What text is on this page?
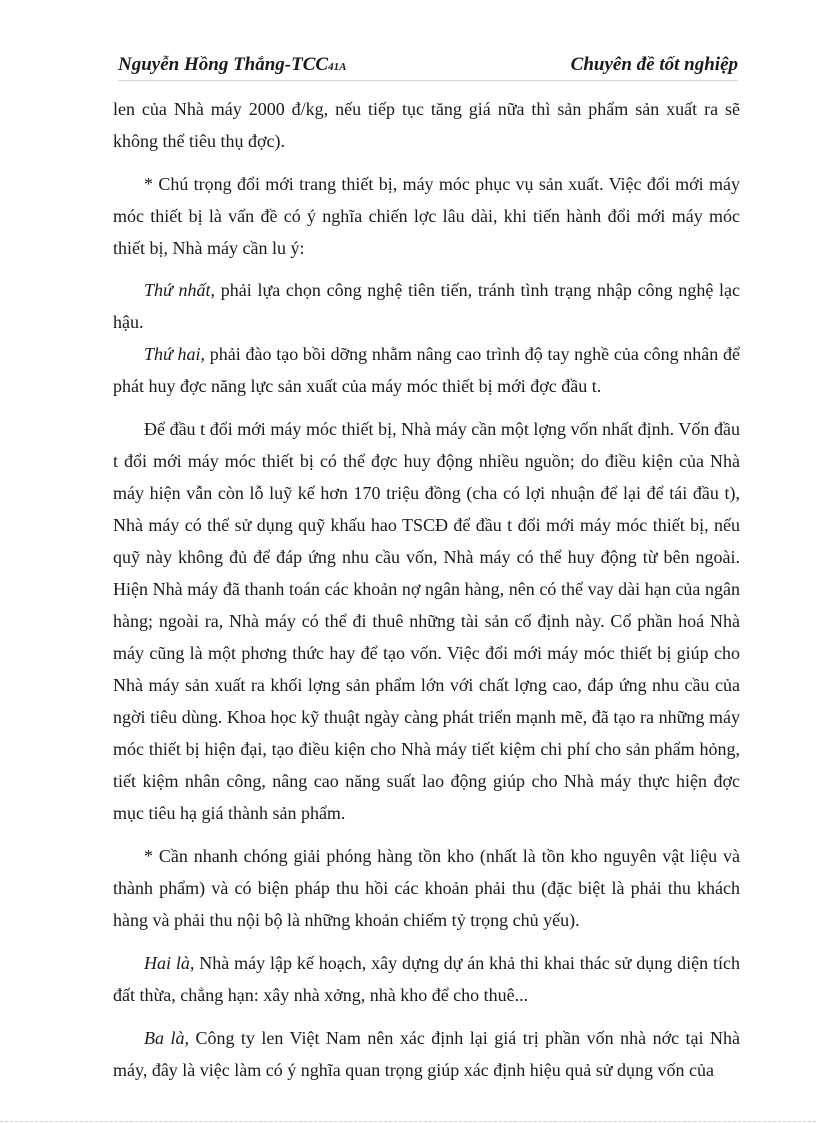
Nguyễn Hồng Thắng-TCC41A	Chuyên đề tốt nghiệp

len của Nhà máy 2000 đ/kg, nếu tiếp tục tăng giá nữa thì sản phẩm sản xuất ra sẽ không thể tiêu thụ đợc).

* Chú trọng đổi mới trang thiết bị, máy móc phục vụ sản xuất. Việc đổi mới máy móc thiết bị là vấn đề có ý nghĩa chiến lợc lâu dài, khi tiến hành đổi mới máy móc thiết bị, Nhà máy cần lu ý:

Thứ nhất, phải lựa chọn công nghệ tiên tiến, tránh tình trạng nhập công nghệ lạc hậu.

Thứ hai, phải đào tạo bồi dỡng nhằm nâng cao trình độ tay nghề của công nhân để phát huy đợc năng lực sản xuất của máy móc thiết bị mới đợc đầu t.

Để đầu t đổi mới máy móc thiết bị, Nhà máy cần một lợng vốn nhất định. Vốn đầu t đổi mới máy móc thiết bị có thể đợc huy động nhiều nguồn; do điều kiện của Nhà máy hiện vẫn còn lỗ luỹ kế hơn 170 triệu đồng (cha có lợi nhuận để lại để tái đầu t), Nhà máy có thể sử dụng quỹ khấu hao TSCĐ để đầu t đổi mới máy móc thiết bị, nếu quỹ này không đủ để đáp ứng nhu cầu vốn, Nhà máy có thể huy động từ bên ngoài. Hiện Nhà máy đã thanh toán các khoản nợ ngân hàng, nên có thể vay dài hạn của ngân hàng; ngoài ra, Nhà máy có thể đi thuê những tài sản cố định này. Cổ phần hoá Nhà máy cũng là một phơng thức hay để tạo vốn. Việc đổi mới máy móc thiết bị giúp cho Nhà máy sản xuất ra khối lợng sản phẩm lớn với chất lợng cao, đáp ứng nhu cầu của ngời tiêu dùng. Khoa học kỹ thuật ngày càng phát triển mạnh mẽ, đã tạo ra những máy móc thiết bị hiện đại, tạo điều kiện cho Nhà máy tiết kiệm chi phí cho sản phẩm hỏng, tiết kiệm nhân công, nâng cao năng suất lao động giúp cho Nhà máy thực hiện đợc mục tiêu hạ giá thành sản phẩm.

* Cần nhanh chóng giải phóng hàng tồn kho (nhất là tồn kho nguyên vật liệu và thành phẩm) và có biện pháp thu hồi các khoản phải thu (đặc biệt là phải thu khách hàng và phải thu nội bộ là những khoản chiếm tỷ trọng chủ yếu).

Hai là, Nhà máy lập kế hoạch, xây dựng dự án khả thi khai thác sử dụng diện tích đất thừa, chẳng hạn: xây nhà xởng, nhà kho để cho thuê...

Ba là, Công ty len Việt Nam nên xác định lại giá trị phần vốn nhà nớc tại Nhà máy, đây là việc làm có ý nghĩa quan trọng giúp xác định hiệu quả sử dụng vốn của
